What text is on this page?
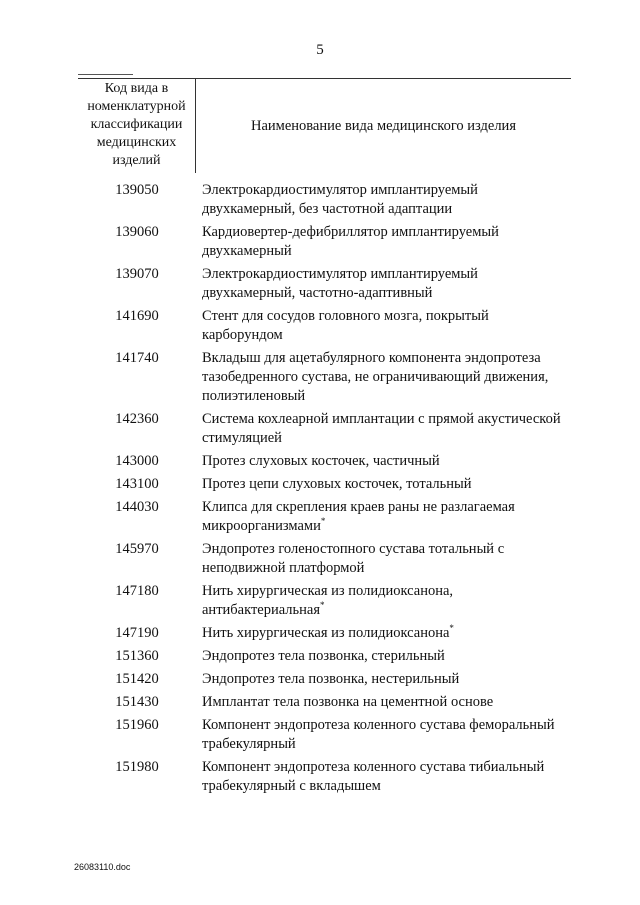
5
Код вида в номенклатурной классификации медицинских изделий
Наименование вида медицинского изделия
139050	Электрокардиостимулятор имплантируемый двухкамерный, без частотной адаптации
139060	Кардиовертер-дефибриллятор имплантируемый двухкамерный
139070	Электрокардиостимулятор имплантируемый двухкамерный, частотно-адаптивный
141690	Стент для сосудов головного мозга, покрытый карборундом
141740	Вкладыш для ацетабулярного компонента эндопротеза тазобедренного сустава, не ограничивающий движения, полиэтиленовый
142360	Система кохлеарной имплантации с прямой акустической стимуляцией
143000	Протез слуховых косточек, частичный
143100	Протез цепи слуховых косточек, тотальный
144030	Клипса для скрепления краев раны не разлагаемая микроорганизмами*
145970	Эндопротез голеностопного сустава тотальный с неподвижной платформой
147180	Нить хирургическая из полидиоксанона, антибактериальная*
147190	Нить хирургическая из полидиоксанона*
151360	Эндопротез тела позвонка, стерильный
151420	Эндопротез тела позвонка, нестерильный
151430	Имплантат тела позвонка на цементной основе
151960	Компонент эндопротеза коленного сустава феморальный трабекулярный
151980	Компонент эндопротеза коленного сустава тибиальный трабекулярный с вкладышем
26083110.doc
